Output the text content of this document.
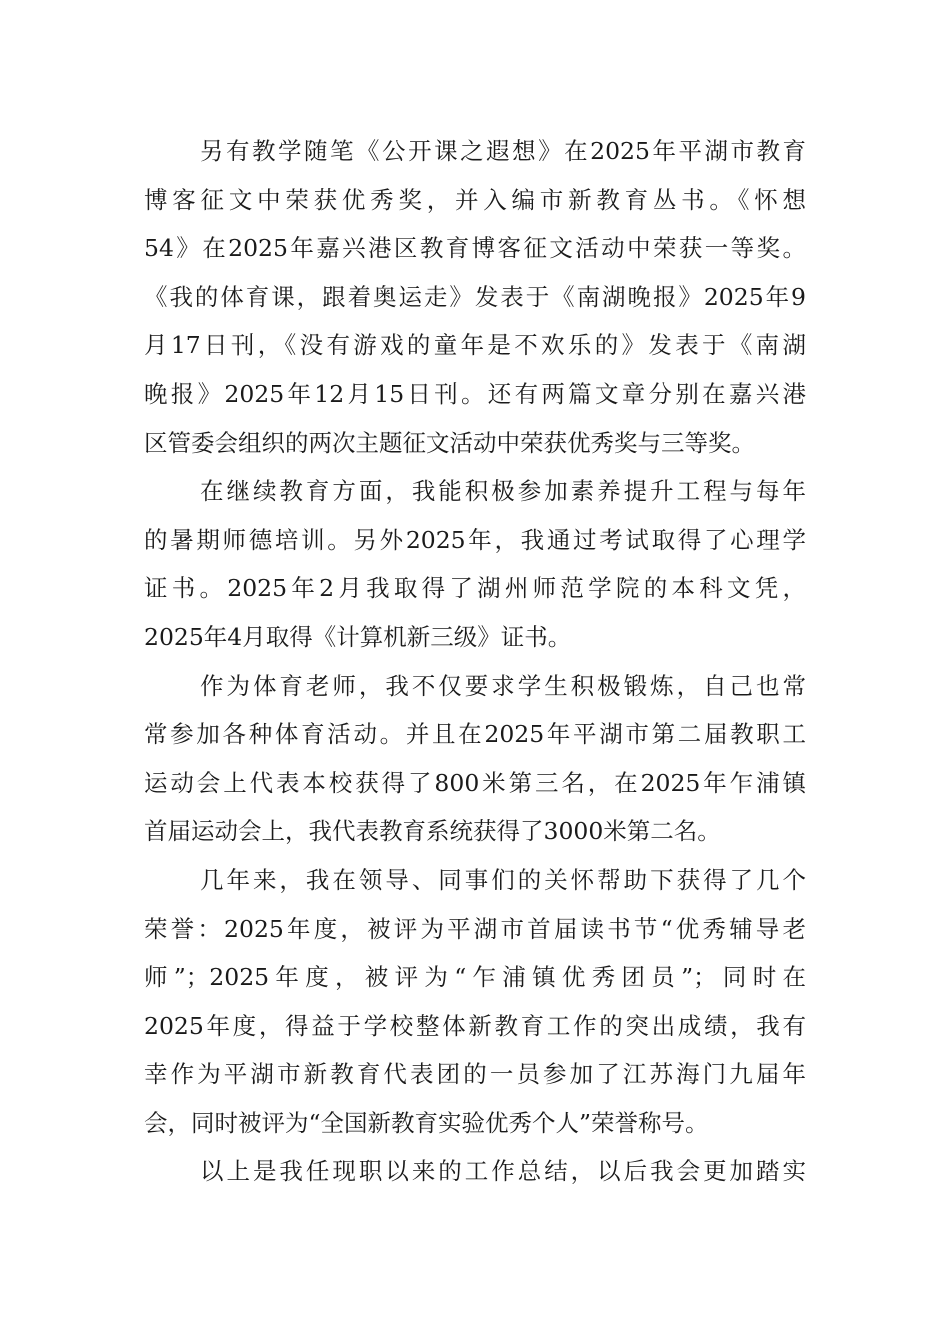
另有教学随笔《公开课之遐想》在2025年平湖市教育
博客征文中荣获优秀奖，并入编市新教育丛书。《怀想
54》在2025年嘉兴港区教育博客征文活动中荣获一等奖。
《我的体育课，跟着奥运走》发表于《南湖晚报》2025年9
月17日刊，《没有游戏的童年是不欢乐的》发表于《南湖
晚报》2025年12月15日刊。还有两篇文章分别在嘉兴港
区管委会组织的两次主题征文活动中荣获优秀奖与三等奖。
在继续教育方面，我能积极参加素养提升工程与每年
的暑期师德培训。另外2025年，我通过考试取得了心理学
证书。2025年2月我取得了湖州师范学院的本科文凭，
2025年4月取得《计算机新三级》证书。
作为体育老师，我不仅要求学生积极锻炼，自己也常
常参加各种体育活动。并且在2025年平湖市第二届教职工
运动会上代表本校获得了800米第三名，在2025年乍浦镇
首届运动会上，我代表教育系统获得了3000米第二名。
几年来，我在领导、同事们的关怀帮助下获得了几个
荣誉：2025年度，被评为平湖市首届读书节“优秀辅导老
师”；2025年度，被评为“乍浦镇优秀团员”；同时在
2025年度，得益于学校整体新教育工作的突出成绩，我有
幸作为平湖市新教育代表团的一员参加了江苏海门九届年
会，同时被评为“全国新教育实验优秀个人”荣誉称号。
以上是我任现职以来的工作总结，以后我会更加踏实
